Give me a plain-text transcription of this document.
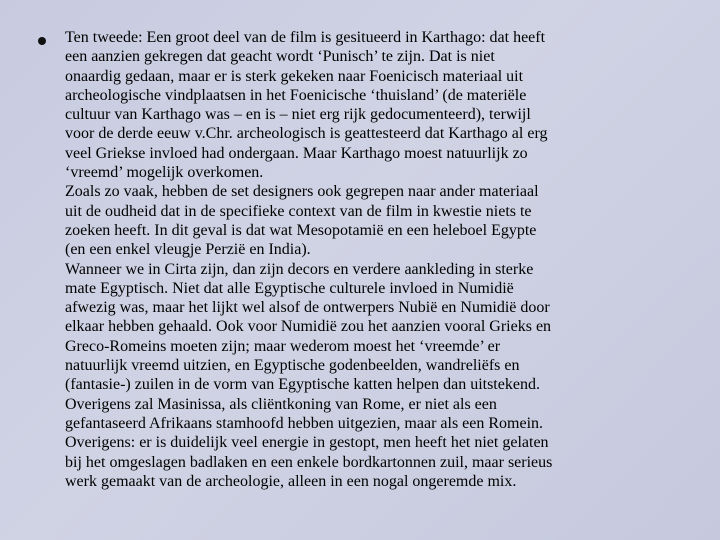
Ten tweede: Een groot deel van de film is gesitueerd in Karthago: dat heeft
een aanzien gekregen dat geacht wordt ‘Punisch’ te zijn. Dat is niet
onaardig gedaan, maar er is sterk gekeken naar Foenicisch materiaal uit
archeologische vindplaatsen in het Foenicische ‘thuisland’ (de materiële
cultuur van Karthago was – en is – niet erg rijk gedocumenteerd), terwijl
voor de derde eeuw v.Chr. archeologisch is geattesteerd dat Karthago al erg
veel Griekse invloed had ondergaan. Maar Karthago moest natuurlijk zo
‘vreemd’ mogelijk overkomen.
Zoals zo vaak, hebben de set designers ook gegrepen naar ander materiaal
uit de oudheid dat in de specifieke context van de film in kwestie niets te
zoeken heeft. In dit geval is dat wat Mesopotamië en een heleboel Egypte
(en een enkel vleugje Perzië en India).
Wanneer we in Cirta zijn, dan zijn decors en verdere aankleding in sterke
mate Egyptisch. Niet dat alle Egyptische culturele invloed in Numidië
afwezig was, maar het lijkt wel alsof de ontwerpers Nubië en Numidië door
elkaar hebben gehaald. Ook voor Numidië zou het aanzien vooral Grieks en
Greco-Romeins moeten zijn; maar wederom moest het ‘vreemde’ er
natuurlijk vreemd uitzien, en Egyptische godenbeelden, wandreliëfs en
(fantasie-) zuilen in de vorm van Egyptische katten helpen dan uitstekend.
Overigens zal Masinissa, als cliëntkoning van Rome, er niet als een
gefantaseerd Afrikaans stamhoofd hebben uitgezien, maar als een Romein.
Overigens: er is duidelijk veel energie in gestopt, men heeft het niet gelaten
bij het omgeslagen badlaken en een enkele bordkartonnen zuil, maar serieus
werk gemaakt van de archeologie, alleen in een nogal ongeremde mix.
